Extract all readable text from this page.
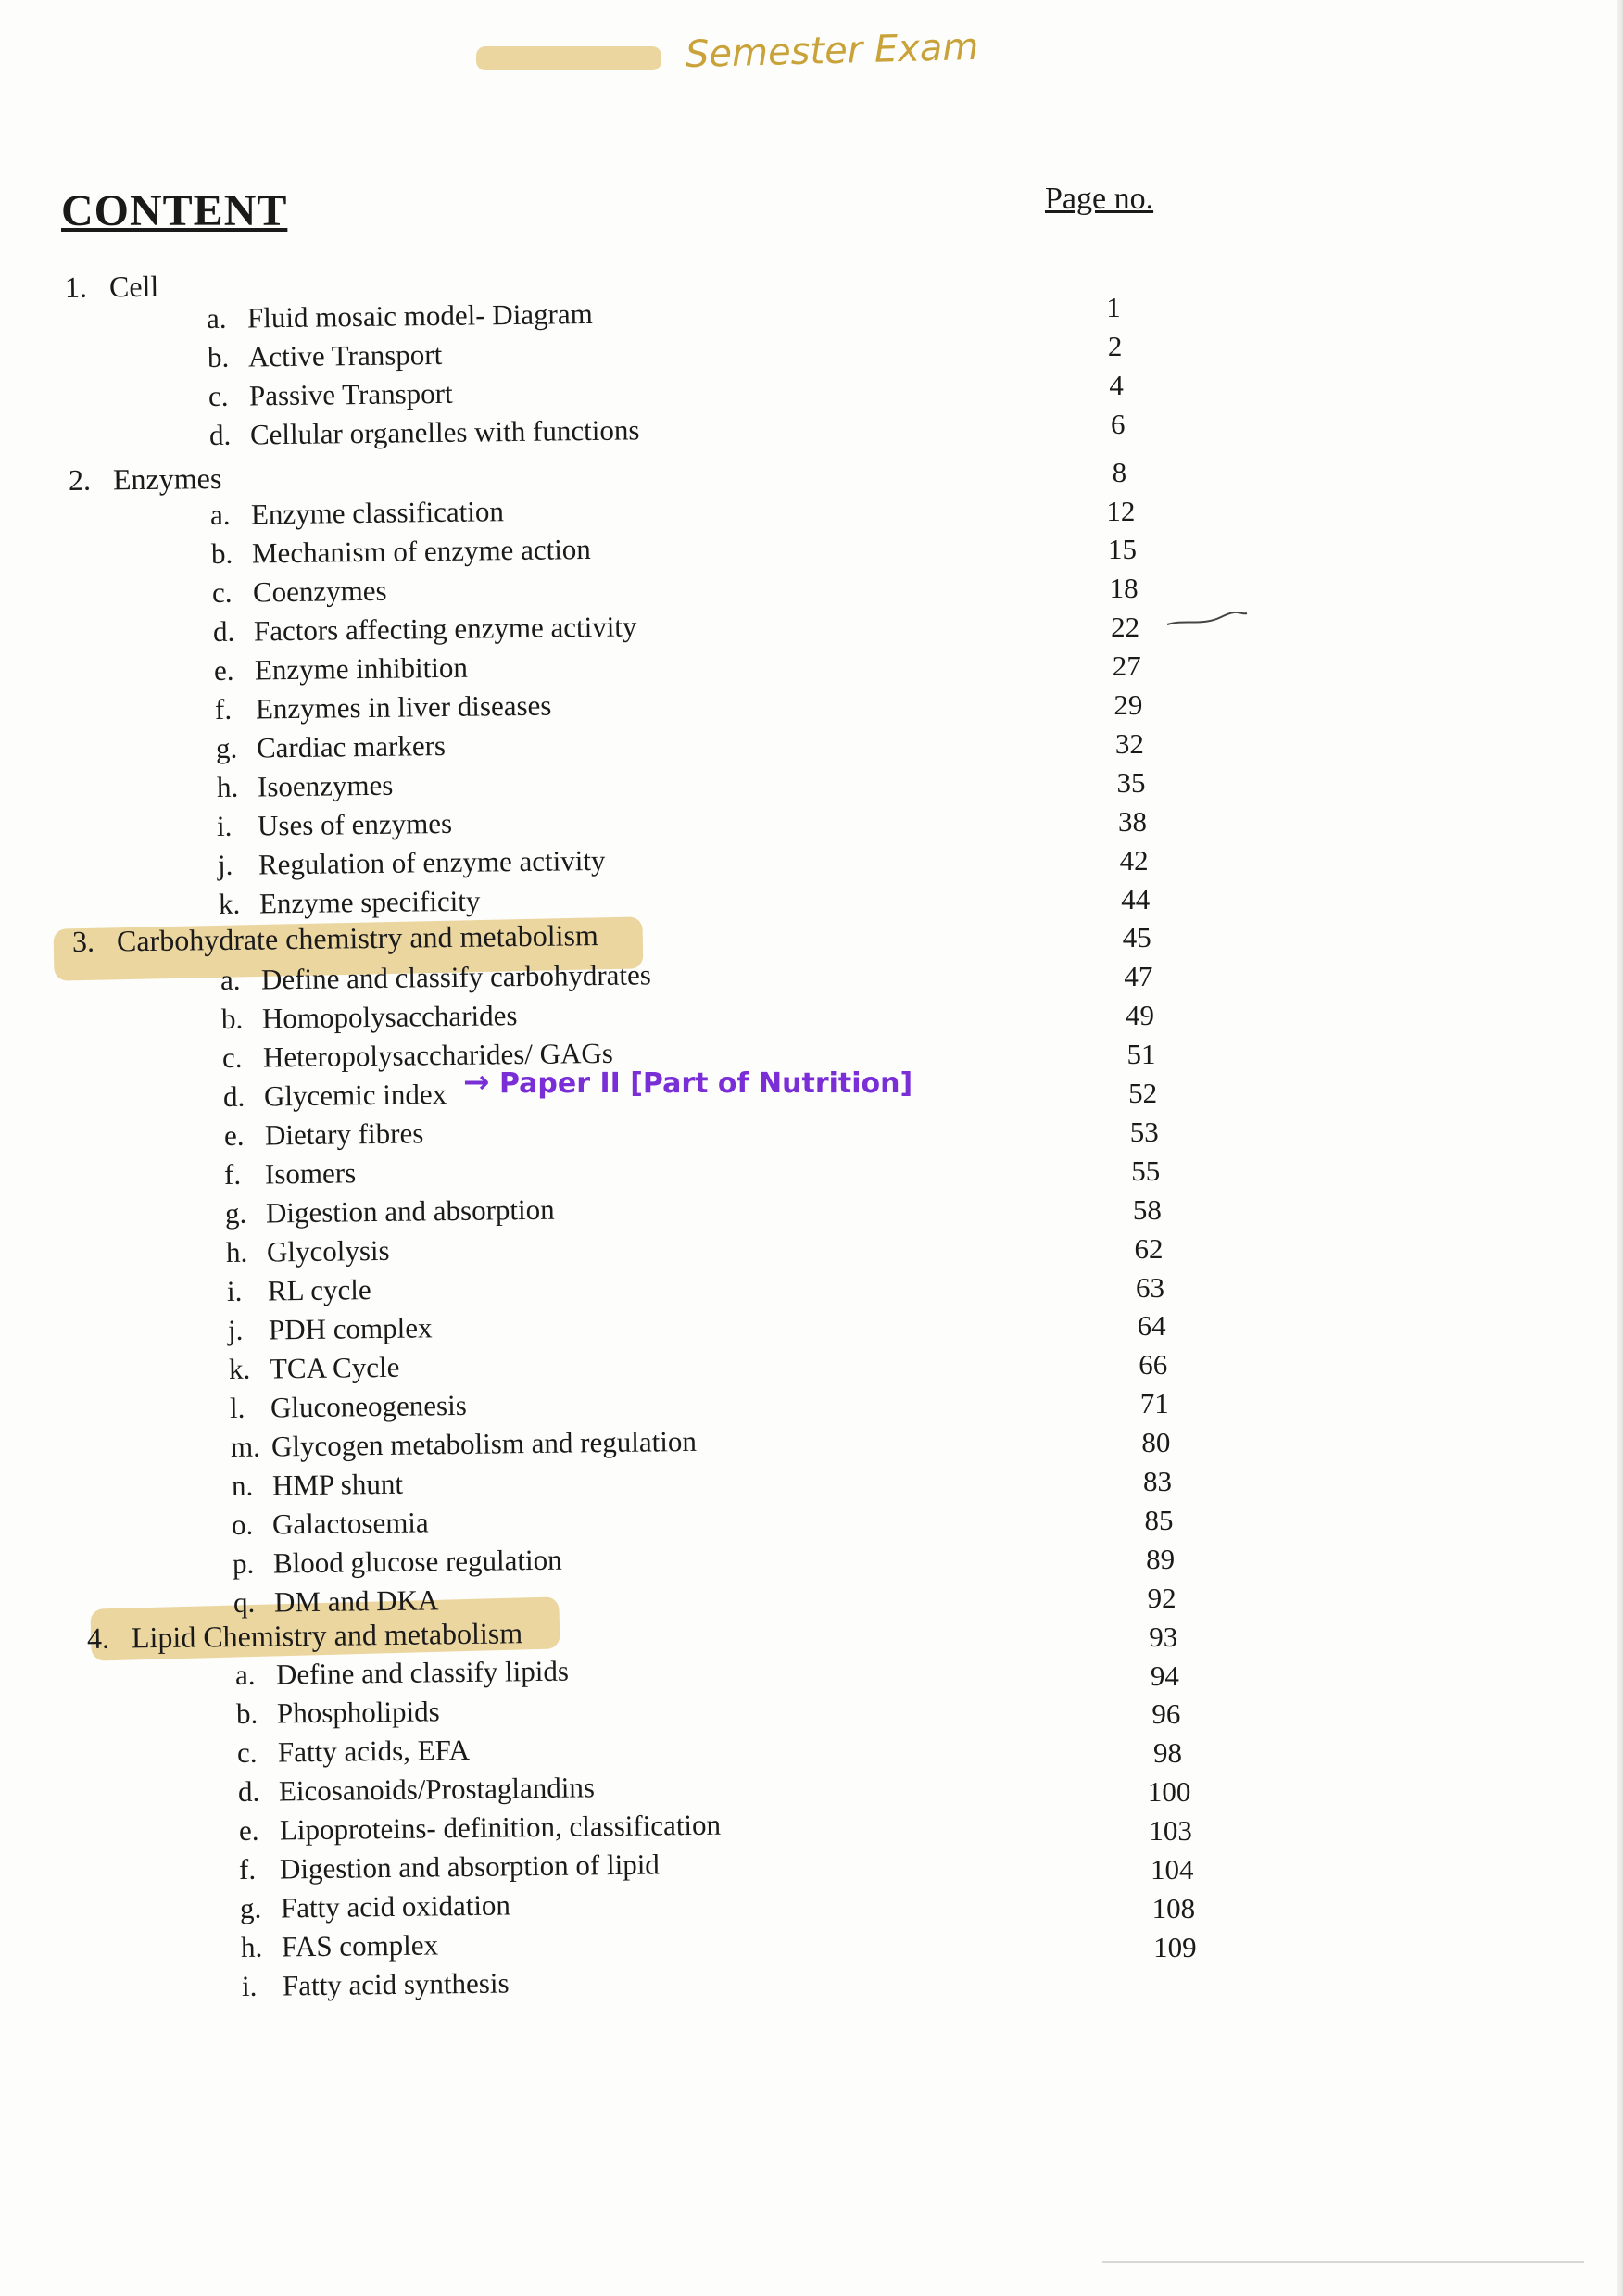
Semester Exam
CONTENT	Page no.
1. Cell
a. Fluid mosaic model- Diagram
b. Active Transport
c. Passive Transport
d. Cellular organelles with functions
2. Enzymes
a. Enzyme classification
b. Mechanism of enzyme action
c. Coenzymes
d. Factors affecting enzyme activity
e. Enzyme inhibition
f. Enzymes in liver diseases
g. Cardiac markers
h. Isoenzymes
i. Uses of enzymes
j. Regulation of enzyme activity
k. Enzyme specificity
3. Carbohydrate chemistry and metabolism
a. Define and classify carbohydrates
b. Homopolysaccharides
c. Heteropolysaccharides/ GAGs
d. Glycemic index
e. Dietary fibres
f. Isomers
g. Digestion and absorption
h. Glycolysis
i. RL cycle
j. PDH complex
k. TCA Cycle
l. Gluconeogenesis
m. Glycogen metabolism and regulation
n. HMP shunt
o. Galactosemia
p. Blood glucose regulation
q. DM and DKA
4. Lipid Chemistry and metabolism
a. Define and classify lipids
b. Phospholipids
c. Fatty acids, EFA
d. Eicosanoids/Prostaglandins
e. Lipoproteins- definition, classification
f. Digestion and absorption of lipid
g. Fatty acid oxidation
h. FAS complex
i. Fatty acid synthesis
1
2
4
6
8
12
15
18
22
27
29
32
35
38
42
44
45
47
49
51
52
53
55
58
62
63
64
66
71
80
83
85
89
92
93
94
96
98
100
103
104
108
109
→ Paper II [Part of Nutrition]
